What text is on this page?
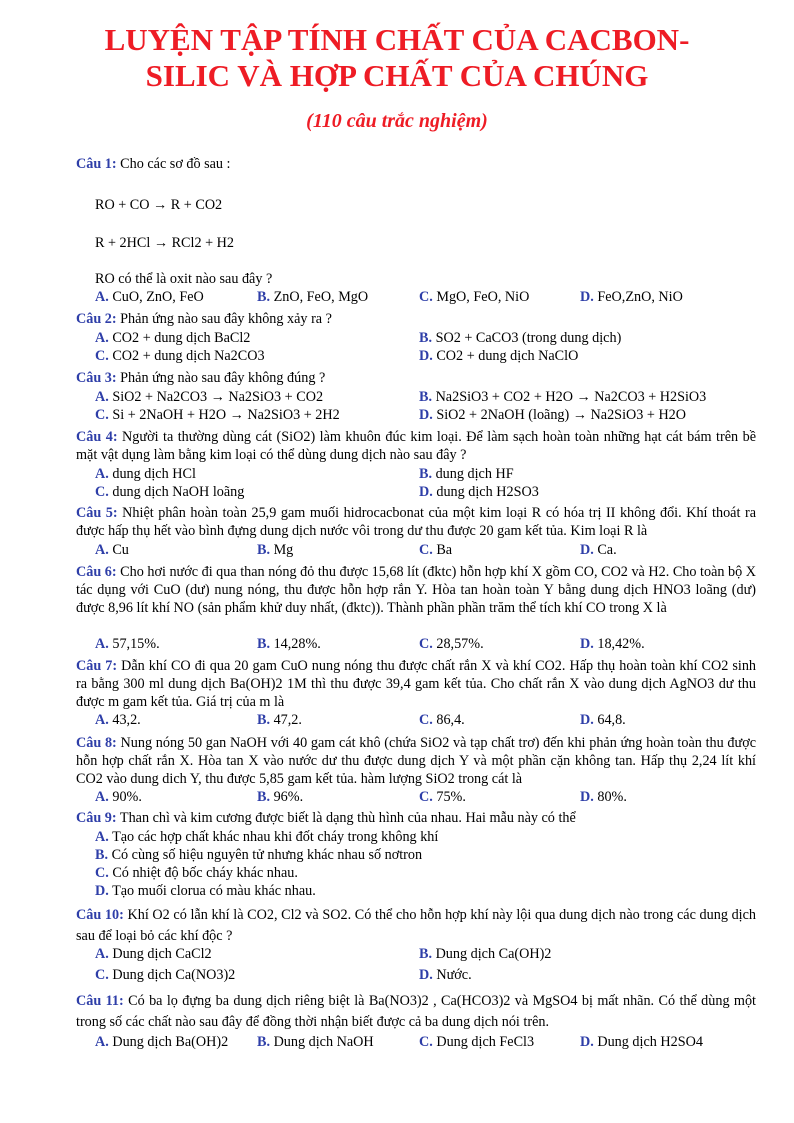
LUYỆN TẬP TÍNH CHẤT CỦA CACBON-
SILIC VÀ HỢP CHẤT CỦA CHÚNG
(110 câu trắc nghiệm)
Câu 1: Cho các sơ đồ sau :
RO + CO → R + CO2
R + 2HCl → RCl2 + H2
RO có thể là oxit nào sau đây ?
A. CuO, ZnO, FeO	B. ZnO, FeO, MgO	C. MgO, FeO, NiO	D. FeO,ZnO, NiO
Câu 2: Phản ứng nào sau đây không xảy ra ?
A. CO2 + dung dịch BaCl2	B. SO2 + CaCO3 (trong dung dịch)
C. CO2 + dung dịch Na2CO3	D. CO2 + dung dịch NaClO
Câu 3: Phản ứng nào sau đây không đúng ?
A. SiO2 + Na2CO3 → Na2SiO3 + CO2	B. Na2SiO3 + CO2 + H2O → Na2CO3 + H2SiO3
C. Si + 2NaOH + H2O → Na2SiO3 + 2H2	D. SiO2 + 2NaOH (loãng) → Na2SiO3 + H2O
Câu 4: Người ta thường dùng cát (SiO2) làm khuôn đúc kim loại. Để làm sạch hoàn toàn những hạt cát bám trên bề mặt vật dụng làm bằng kim loại có thể dùng dung dịch nào sau đây ?
A. dung dịch HCl	B. dung dịch HF
C. dung dịch NaOH loãng	D. dung dịch H2SO3
Câu 5: Nhiệt phân hoàn toàn 25,9 gam muối hidrocacbonat của một kim loại R có hóa trị II không đổi. Khí thoát ra được hấp thụ hết vào bình đựng dung dịch nước vôi trong dư thu được 20 gam kết tủa. Kim loại R là
A. Cu	B. Mg	C. Ba	D. Ca.
Câu 6: Cho hơi nước đi qua than nóng đỏ thu được 15,68 lít (đktc) hỗn hợp khí X gồm CO, CO2 và H2. Cho toàn bộ X tác dụng với CuO (dư) nung nóng, thu được hỗn hợp rắn Y. Hòa tan hoàn toàn Y bằng dung dịch HNO3 loãng (dư) được 8,96 lít khí NO (sản phẩm khử duy nhất, (đktc)). Thành phần phần trăm thể tích khí CO trong X là
A. 57,15%.	B. 14,28%.	C. 28,57%.	D. 18,42%.
Câu 7: Dẫn khí CO đi qua 20 gam CuO nung nóng thu được chất rắn X và khí CO2. Hấp thụ hoàn toàn khí CO2 sinh ra bằng 300 ml dung dịch Ba(OH)2 1M thì thu được 39,4 gam kết tủa. Cho chất rắn X vào dung dịch AgNO3 dư thu được m gam kết tủa. Giá trị của m là
A. 43,2.	B. 47,2.	C. 86,4.	D. 64,8.
Câu 8: Nung nóng 50 gan NaOH với 40 gam cát khô (chứa SiO2 và tạp chất trơ) đến khi phản ứng hoàn toàn thu được hỗn hợp chất rắn X. Hòa tan X vào nước dư thu được dung dịch Y và một phần cặn không tan. Hấp thụ 2,24 lít khí CO2 vào dung dich Y, thu được 5,85 gam kết tủa. hàm lượng SiO2 trong cát là
A. 90%.	B. 96%.	C. 75%.	D. 80%.
Câu 9: Than chì và kim cương được biết là dạng thù hình của nhau. Hai mẫu này có thể
A. Tạo các hợp chất khác nhau khi đốt cháy trong không khí
B. Có cùng số hiệu nguyên tử nhưng khác nhau số nơtron
C. Có nhiệt độ bốc cháy khác nhau.
D. Tạo muối clorua có màu khác nhau.
Câu 10: Khí O2 có lẫn khí là CO2, Cl2 và SO2. Có thể cho hỗn hợp khí này lội qua dung dịch nào trong các dung dịch sau để loại bỏ các khí độc ?
A. Dung dịch CaCl2	B. Dung dịch Ca(OH)2
C. Dung dịch Ca(NO3)2	D. Nước.
Câu 11: Có ba lọ đựng ba dung dịch riêng biệt là Ba(NO3)2 , Ca(HCO3)2 và MgSO4 bị mất nhãn. Có thể dùng một trong số các chất nào sau đây để đồng thời nhận biết được cả ba dung dịch nói trên.
A. Dung dịch Ba(OH)2 B. Dung dịch NaOH	C. Dung dịch FeCl3	D. Dung dịch H2SO4
